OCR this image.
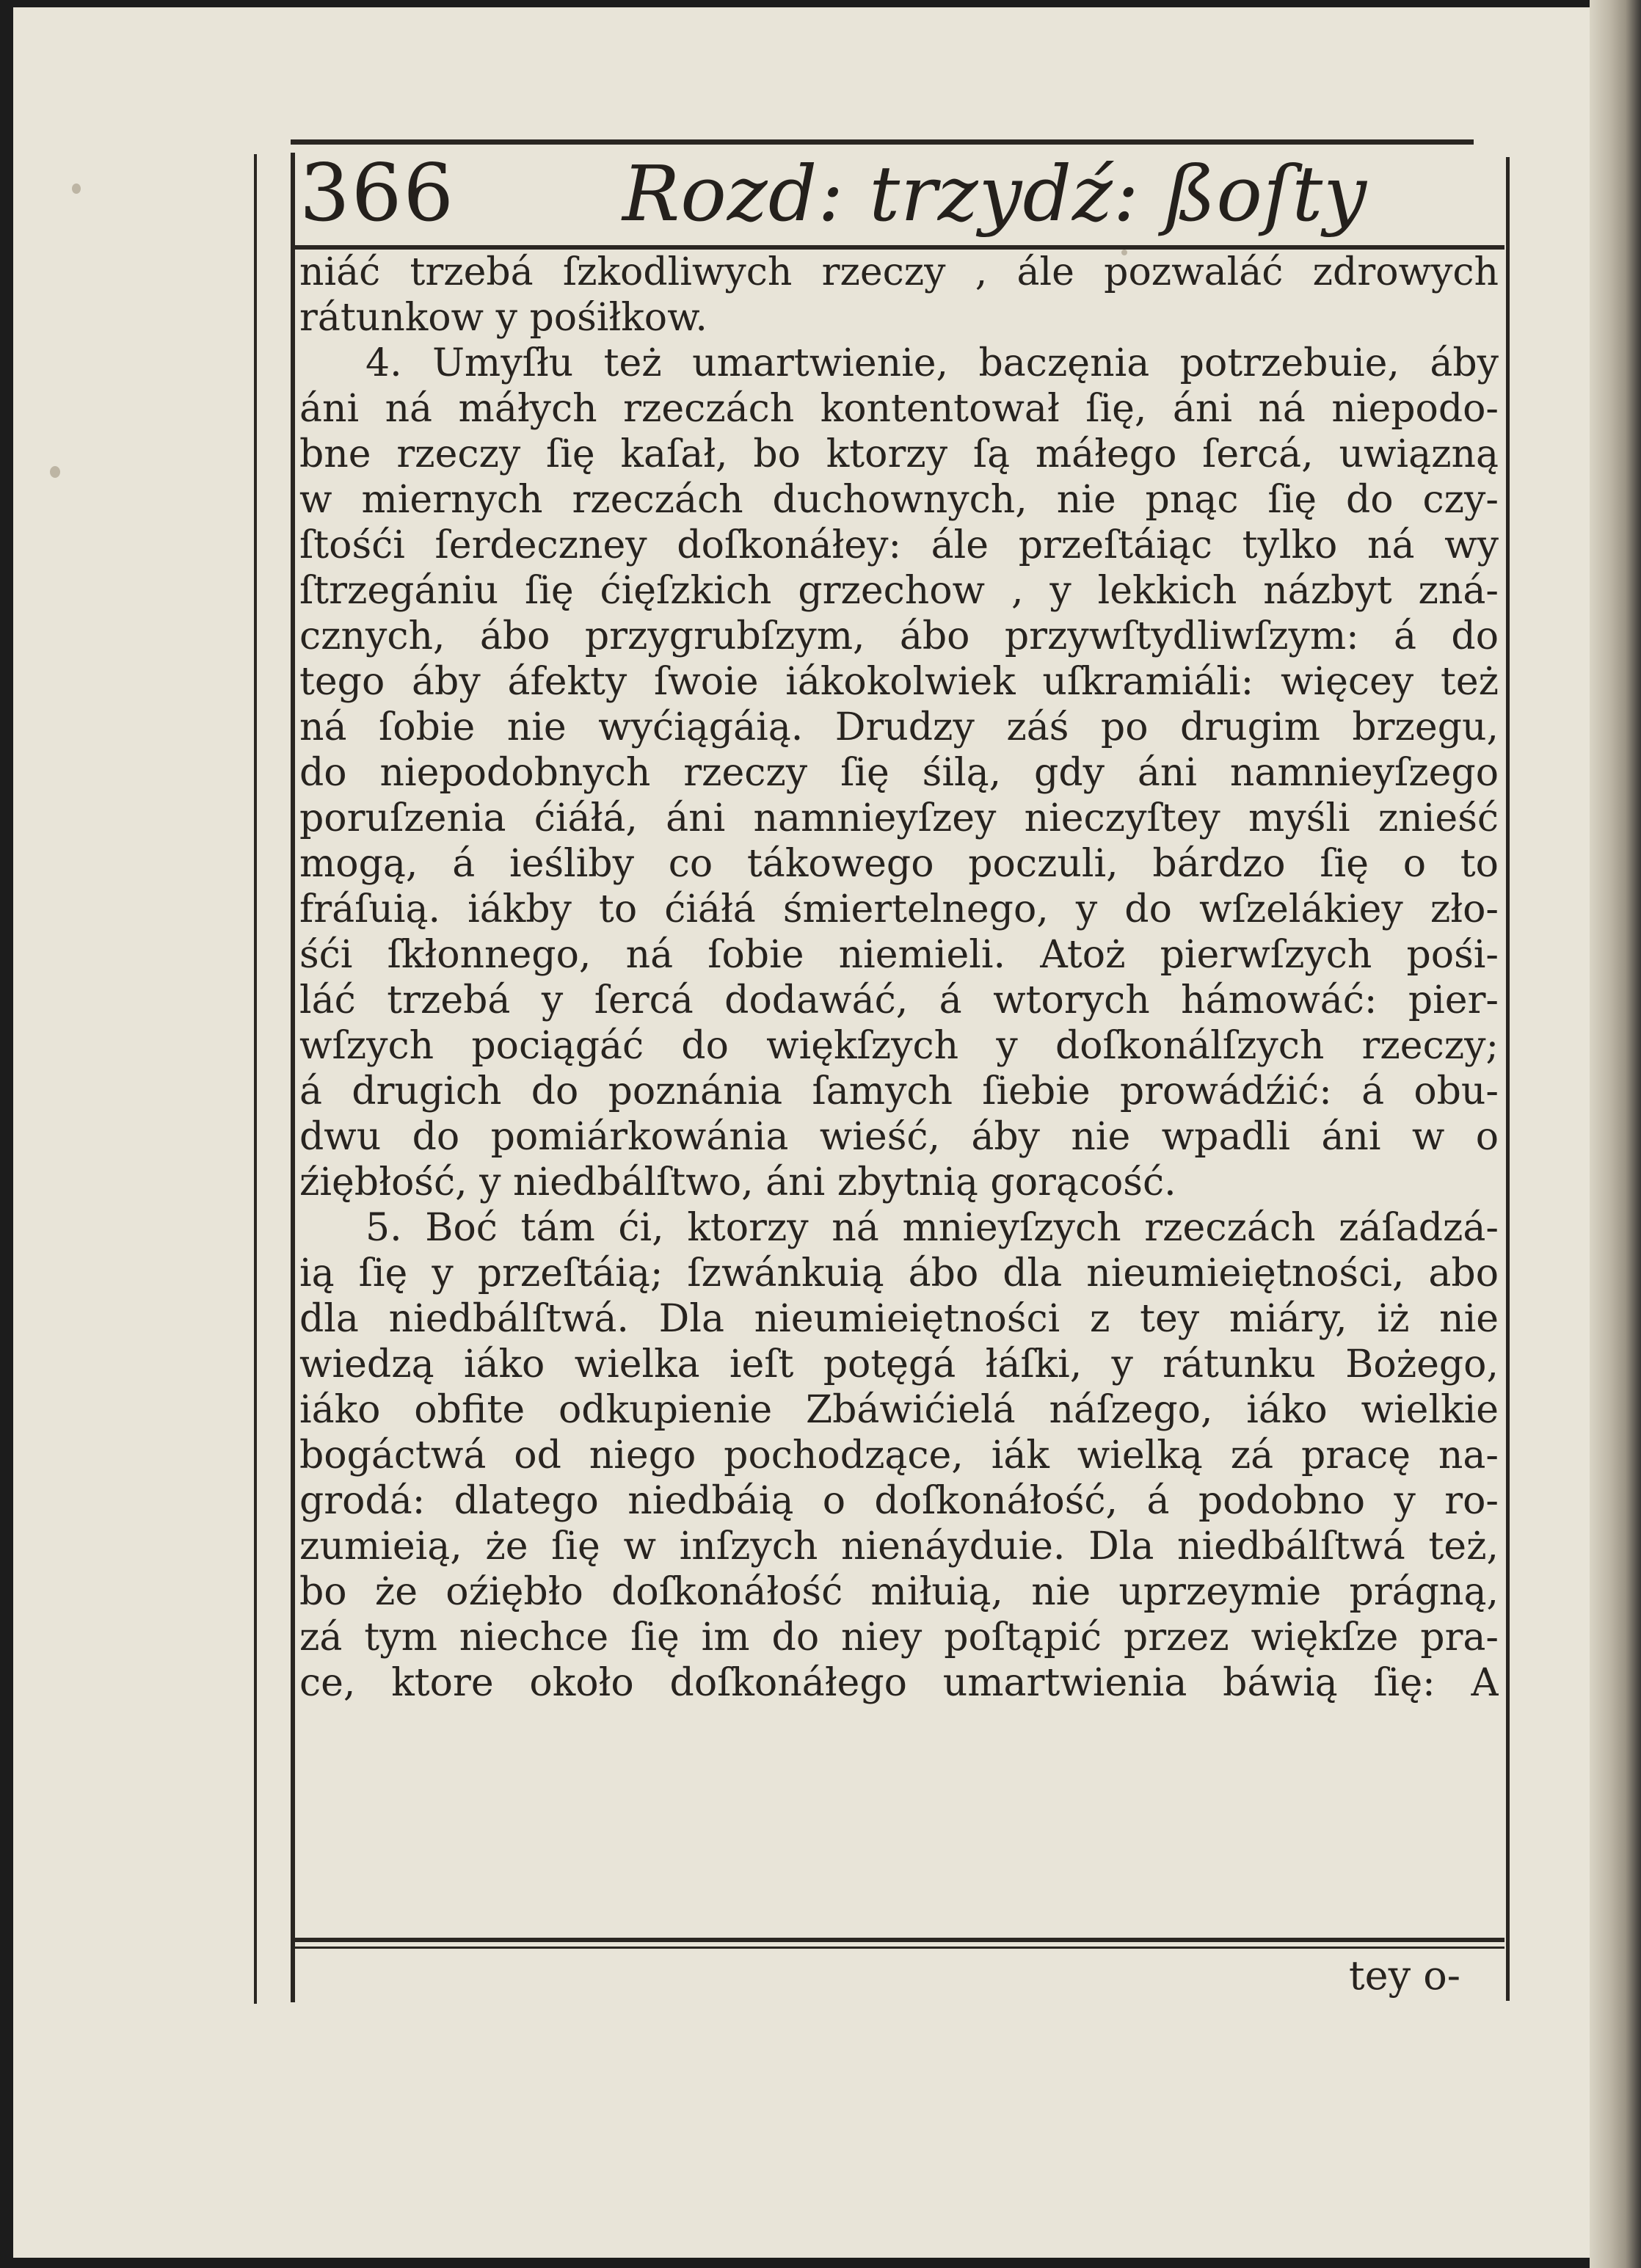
366 Rozd: trzydź: ßoſty
niáć trzebá ſzkodliwych rzeczy , ále pozwaláć zdrowych
rátunkow y pośiłkow.
4. Umyſłu też umartwienie, baczęnia potrzebuie, áby
áni ná máłych rzeczách kontentował ſię, áni ná niepodo-
bne rzeczy ſię kaſał, bo ktorzy ſą máłego ſercá, uwiązną
w miernych rzeczách duchownych, nie pnąc ſię do czy-
ſtośći ſerdeczney doſkonáłey: ále przeſtáiąc tylko ná wy
ſtrzegániu ſię ćięſzkich grzechow , y lekkich názbyt zná-
cznych, ábo przygrubſzym, ábo przywſtydliwſzym: á do
tego áby áfekty ſwoie iákokolwiek uſkramiáli: więcey też
ná ſobie nie wyćiągáią. Drudzy záś po drugim brzegu,
do niepodobnych rzeczy ſię śilą, gdy áni namnieyſzego
poruſzenia ćiáłá, áni namnieyſzey nieczyſtey myśli znieść
mogą, á ieśliby co tákowego poczuli, bárdzo ſię o to
fráſuią. iákby to ćiáłá śmiertelnego, y do wſzelákiey zło-
śći ſkłonnego, ná ſobie niemieli. Atoż pierwſzych pośi-
láć trzebá y ſercá dodawáć, á wtorych hámowáć: pier-
wſzych pociągáć do więkſzych y doſkonálſzych rzeczy;
á drugich do poznánia ſamych ſiebie prowádźić: á obu-
dwu do pomiárkowánia wieść, áby nie wpadli áni w o
źiębłość, y niedbálſtwo, áni zbytnią gorącość.
5. Boć tám ći, ktorzy ná mnieyſzych rzeczách záſadzá-
ią ſię y przeſtáią; ſzwánkuią ábo dla nieumieiętności, abo
dla niedbálſtwá. Dla nieumieiętności z tey miáry, iż nie
wiedzą iáko wielka ieſt potęgá łáſki, y rátunku Bożego,
iáko obfite odkupienie Zbáwićielá náſzego, iáko wielkie
bogáctwá od niego pochodzące, iák wielką zá pracę na-
grodá: dlatego niedbáią o doſkonáłość, á podobno y ro-
zumieią, że ſię w inſzych nienáyduie. Dla niedbálſtwá też,
bo że oźiębło doſkonáłość miłuią, nie uprzeymie prágną,
zá tym niechce ſię im do niey poſtąpić przez więkſze pra-
ce, ktore około doſkonáłego umartwienia báwią ſię: A
tey o-
